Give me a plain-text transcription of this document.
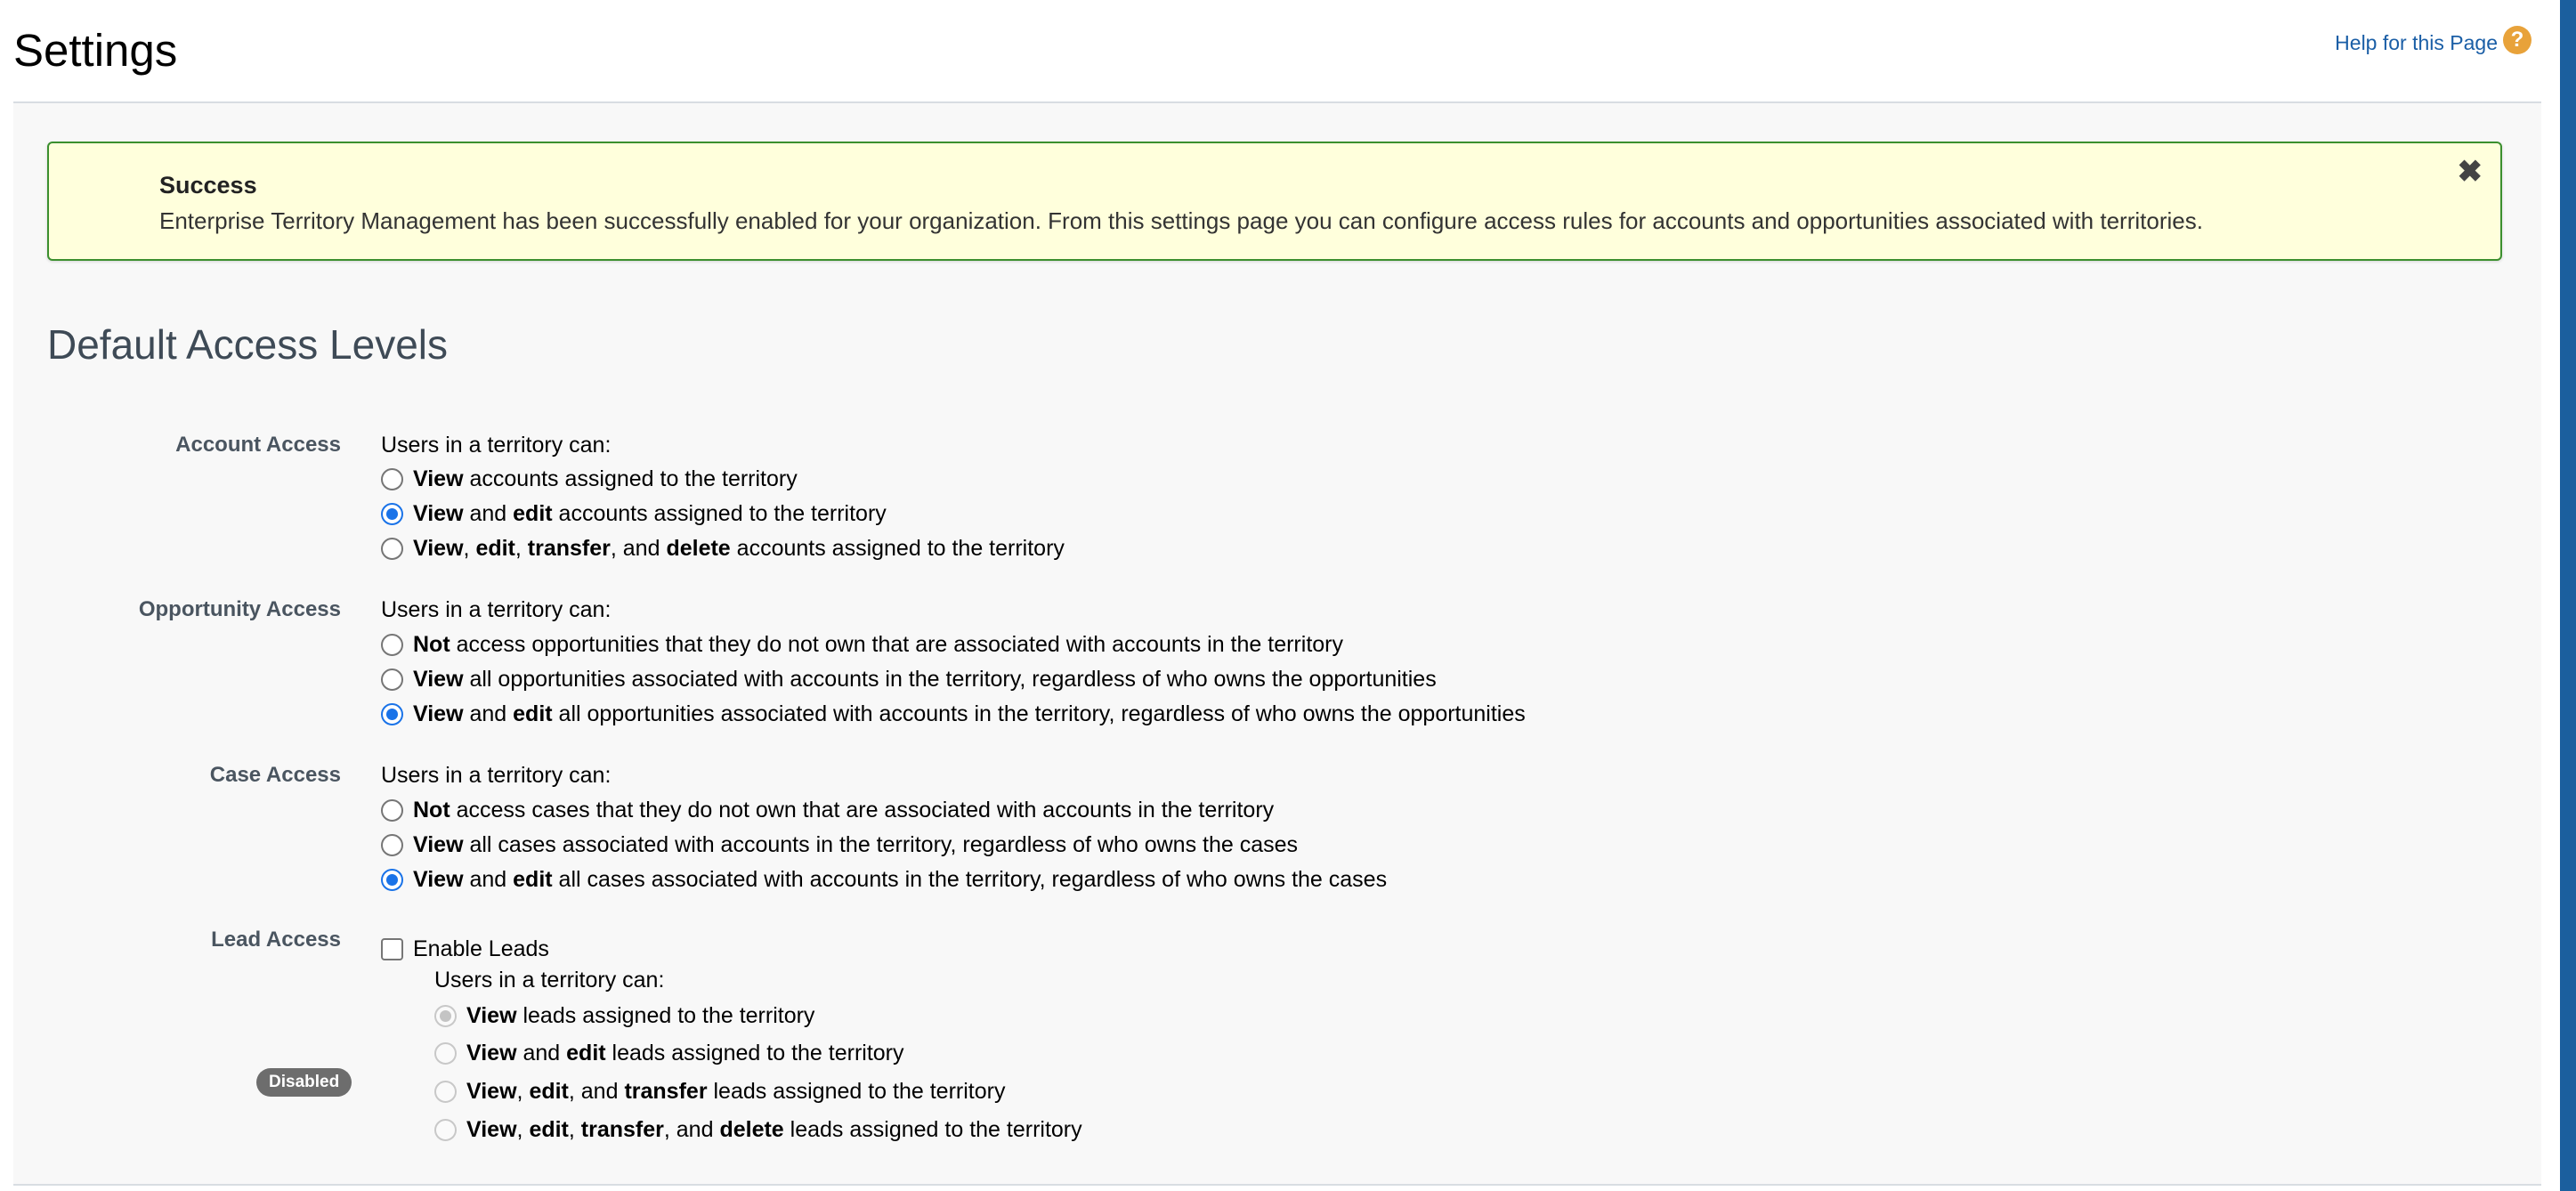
Settings	Help for this Page ?
Success
Enterprise Territory Management has been successfully enabled for your organization. From this settings page you can configure access rules for accounts and opportunities associated with territories.
✖
Default Access Levels
Account Access Users in a territory can:
View accounts assigned to the territory
View and edit accounts assigned to the territory
View, edit, transfer, and delete accounts assigned to the territory
Opportunity Access Users in a territory can:
Not access opportunities that they do not own that are associated with accounts in the territory
View all opportunities associated with accounts in the territory, regardless of who owns the opportunities
View and edit all opportunities associated with accounts in the territory, regardless of who owns the opportunities
Case Access Users in a territory can:
Not access cases that they do not own that are associated with accounts in the territory
View all cases associated with accounts in the territory, regardless of who owns the cases
View and edit all cases associated with accounts in the territory, regardless of who owns the cases
Lead Access
Disabled
Enable Leads
Users in a territory can:
View leads assigned to the territory
View and edit leads assigned to the territory
View, edit, and transfer leads assigned to the territory
View, edit, transfer, and delete leads assigned to the territory
